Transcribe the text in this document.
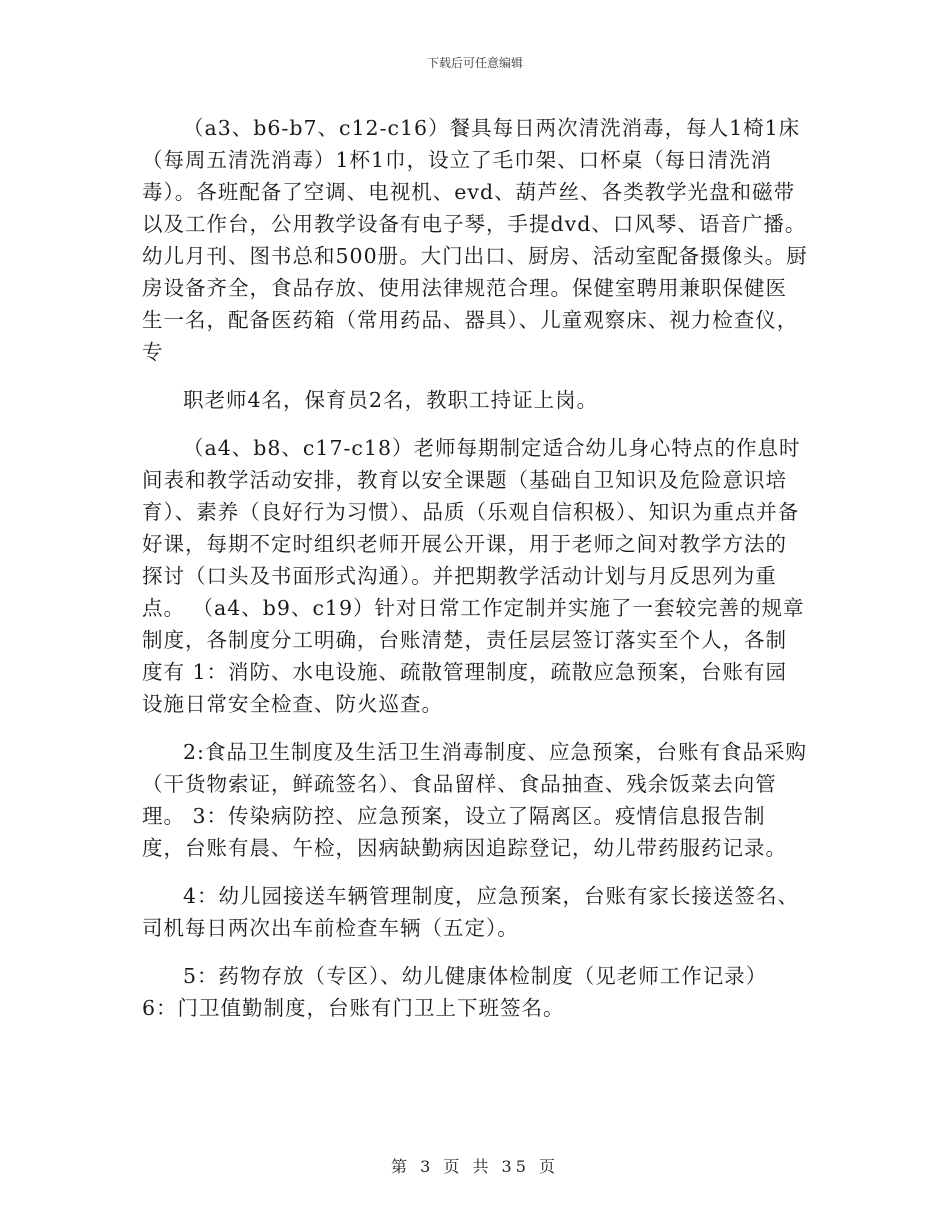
下载后可任意编辑

（a3、b6-b7、c12-c16）餐具每日两次清洗消毒，每人1椅1床（每周五清洗消毒）1杯1巾，设立了毛巾架、口杯桌（每日清洗消毒）。各班配备了空调、电视机、evd、葫芦丝、各类教学光盘和磁带以及工作台，公用教学设备有电子琴，手提dvd、口风琴、语音广播。幼儿月刊、图书总和500册。大门出口、厨房、活动室配备摄像头。厨房设备齐全，食品存放、使用法律规范合理。保健室聘用兼职保健医生一名，配备医药箱（常用药品、器具）、儿童观察床、视力检查仪，专

职老师4名，保育员2名，教职工持证上岗。

（a4、b8、c17-c18）老师每期制定适合幼儿身心特点的作息时间表和教学活动安排，教育以安全课题（基础自卫知识及危险意识培育）、素养（良好行为习惯）、品质（乐观自信积极）、知识为重点并备好课，每期不定时组织老师开展公开课，用于老师之间对教学方法的探讨（口头及书面形式沟通）。并把期教学活动计划与月反思列为重点。 （a4、b9、c19）针对日常工作定制并实施了一套较完善的规章制度，各制度分工明确，台账清楚，责任层层签订落实至个人，各制度有 1：消防、水电设施、疏散管理制度，疏散应急预案，台账有园设施日常安全检查、防火巡查。

2:食品卫生制度及生活卫生消毒制度、应急预案，台账有食品采购（干货物索证，鲜疏签名）、食品留样、食品抽查、残余饭菜去向管理。 3：传染病防控、应急预案，设立了隔离区。疫情信息报告制度，台账有晨、午检，因病缺勤病因追踪登记，幼儿带药服药记录。

4：幼儿园接送车辆管理制度，应急预案，台账有家长接送签名、司机每日两次出车前检查车辆（五定）。

5：药物存放（专区）、幼儿健康体检制度（见老师工作记录） 6：门卫值勤制度，台账有门卫上下班签名。

第 3 页 共 35 页
